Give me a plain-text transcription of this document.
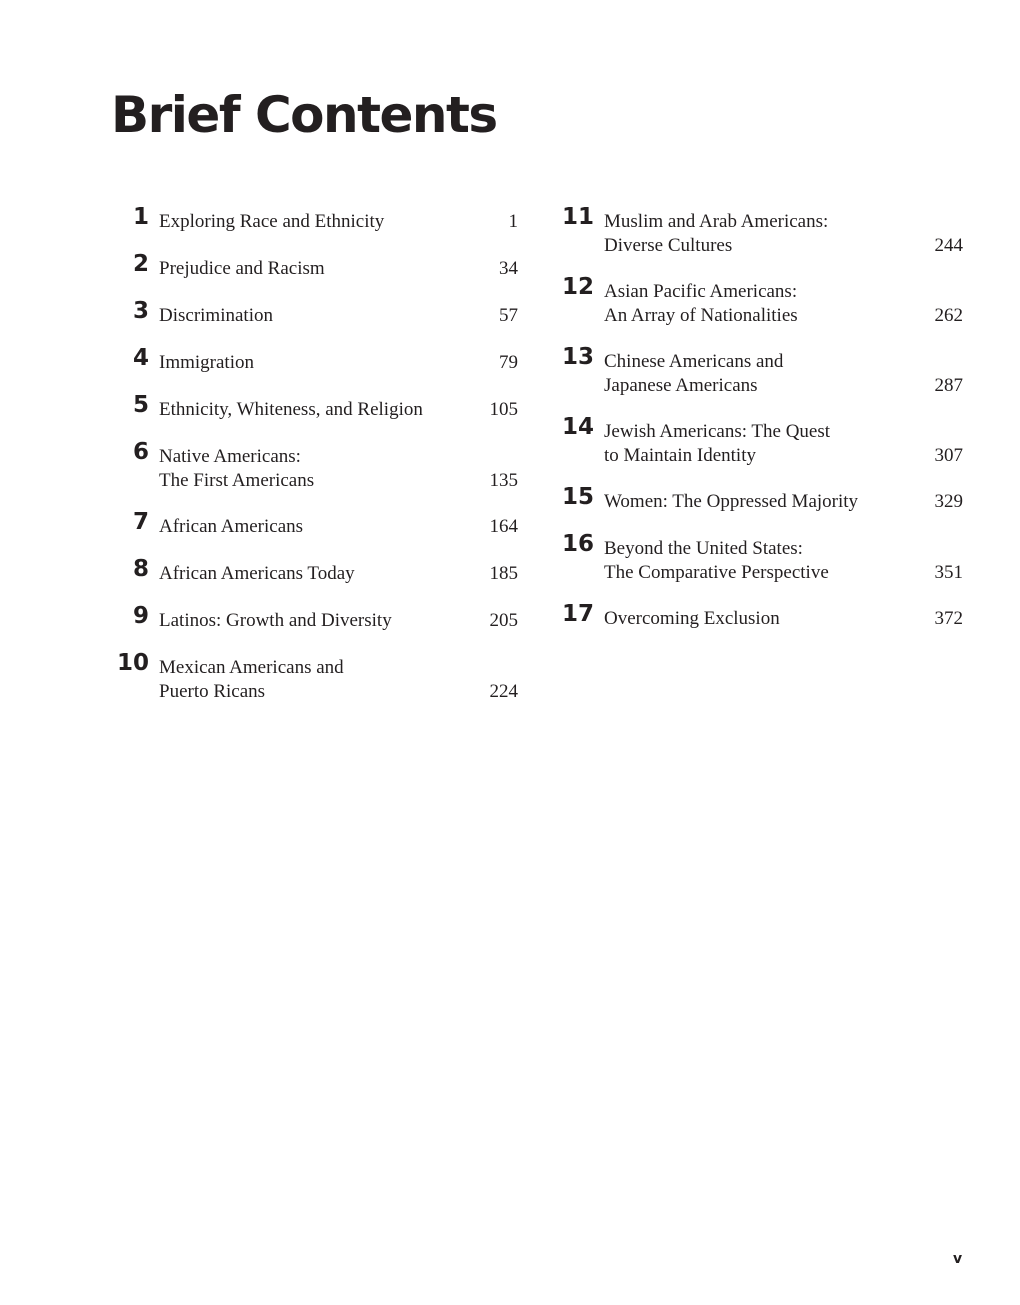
Brief Contents
1 Exploring Race and Ethnicity	1
2 Prejudice and Racism	34
3 Discrimination	57
4 Immigration	79
5 Ethnicity, Whiteness, and Religion	105
6 Native Americans:
The First Americans	135
7 African Americans	164
8 African Americans Today	185
9 Latinos: Growth and Diversity	205
10 Mexican Americans and
Puerto Ricans	224
11 Muslim and Arab Americans:
Diverse Cultures	244
12 Asian Pacific Americans:
An Array of Nationalities	262
13 Chinese Americans and
Japanese Americans	287
14 Jewish Americans: The Quest
to Maintain Identity	307
15 Women: The Oppressed Majority	329
16 Beyond the United States:
The Comparative Perspective	351
17 Overcoming Exclusion	372
v
